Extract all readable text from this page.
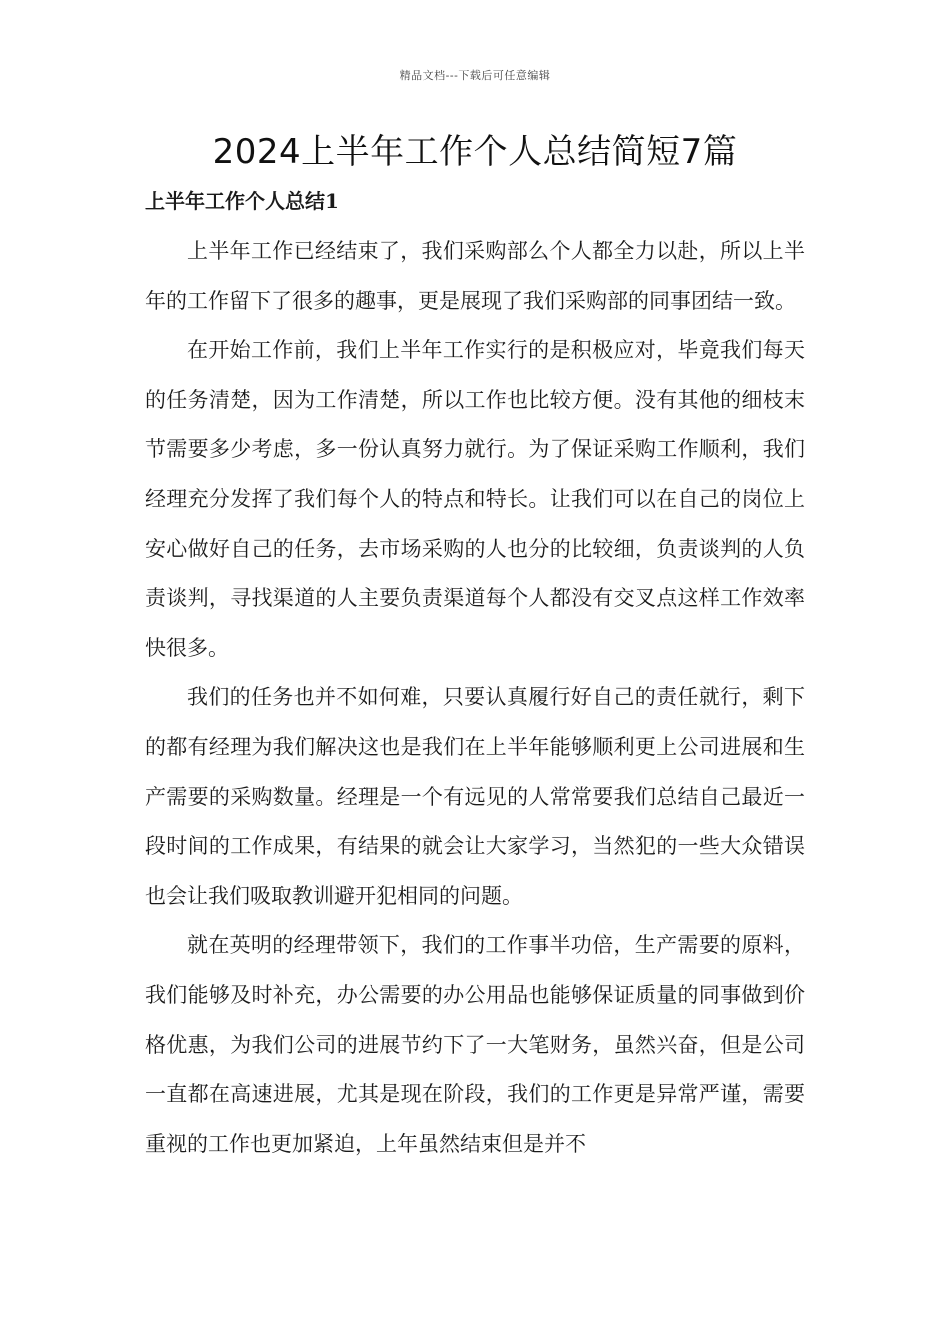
精品文档---下载后可任意编辑
2024上半年工作个人总结简短7篇
上半年工作个人总结1

上半年工作已经结束了，我们采购部么个人都全力以赴，所以上半年的工作留下了很多的趣事，更是展现了我们采购部的同事团结一致。

在开始工作前，我们上半年工作实行的是积极应对，毕竟我们每天的任务清楚，因为工作清楚，所以工作也比较方便。没有其他的细枝末节需要多少考虑，多一份认真努力就行。为了保证采购工作顺利，我们经理充分发挥了我们每个人的特点和特长。让我们可以在自己的岗位上安心做好自己的任务，去市场采购的人也分的比较细，负责谈判的人负责谈判，寻找渠道的人主要负责渠道每个人都没有交叉点这样工作效率快很多。

我们的任务也并不如何难，只要认真履行好自己的责任就行，剩下的都有经理为我们解决这也是我们在上半年能够顺利更上公司进展和生产需要的采购数量。经理是一个有远见的人常常要我们总结自己最近一段时间的工作成果，有结果的就会让大家学习，当然犯的一些大众错误也会让我们吸取教训避开犯相同的问题。

就在英明的经理带领下，我们的工作事半功倍，生产需要的原料，我们能够及时补充，办公需要的办公用品也能够保证质量的同事做到价格优惠，为我们公司的进展节约下了一大笔财务，虽然兴奋，但是公司一直都在高速进展，尤其是现在阶段，我们的工作更是异常严谨，需要重视的工作也更加紧迫，上年虽然结束但是并不
